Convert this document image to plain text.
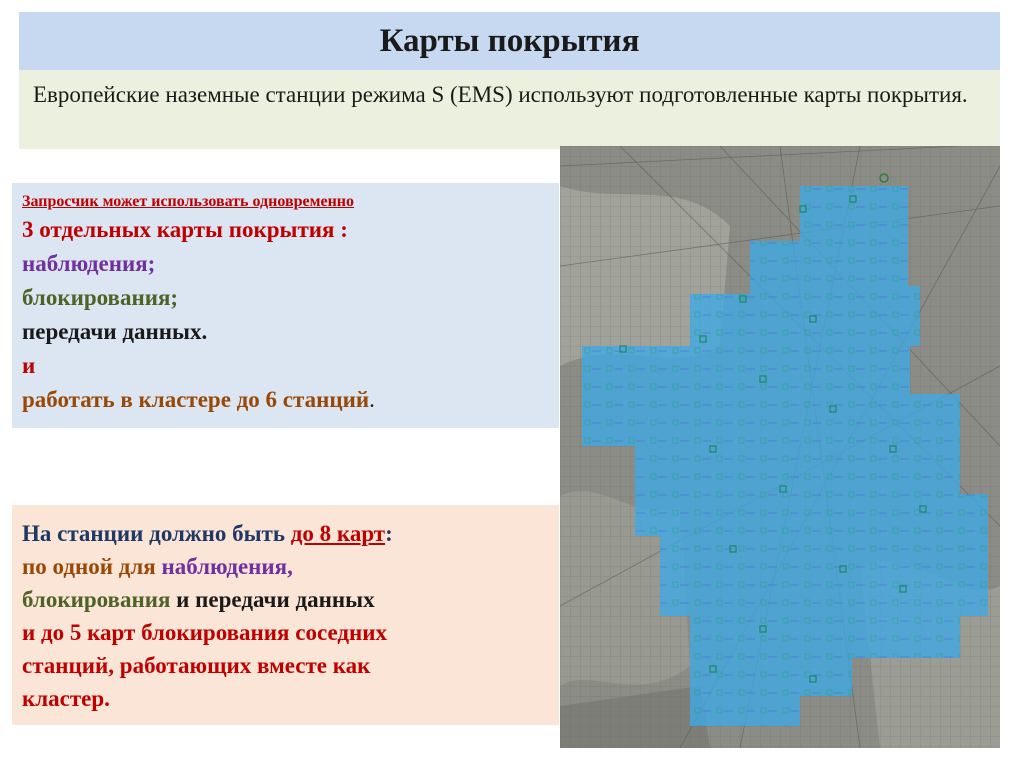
Карты покрытия
Европейские наземные станции режима S (EMS) используют подготовленные карты покрытия.
Запросчик может использовать одновременно
3 отдельных карты покрытия :
наблюдения;
блокирования;
передачи данных.
и
работать в кластере до 6 станций.
На станции должно быть до 8 карт:
по одной для наблюдения,
блокирования и передачи данных
и до 5 карт блокирования соседних
станций, работающих вместе как
кластер.
